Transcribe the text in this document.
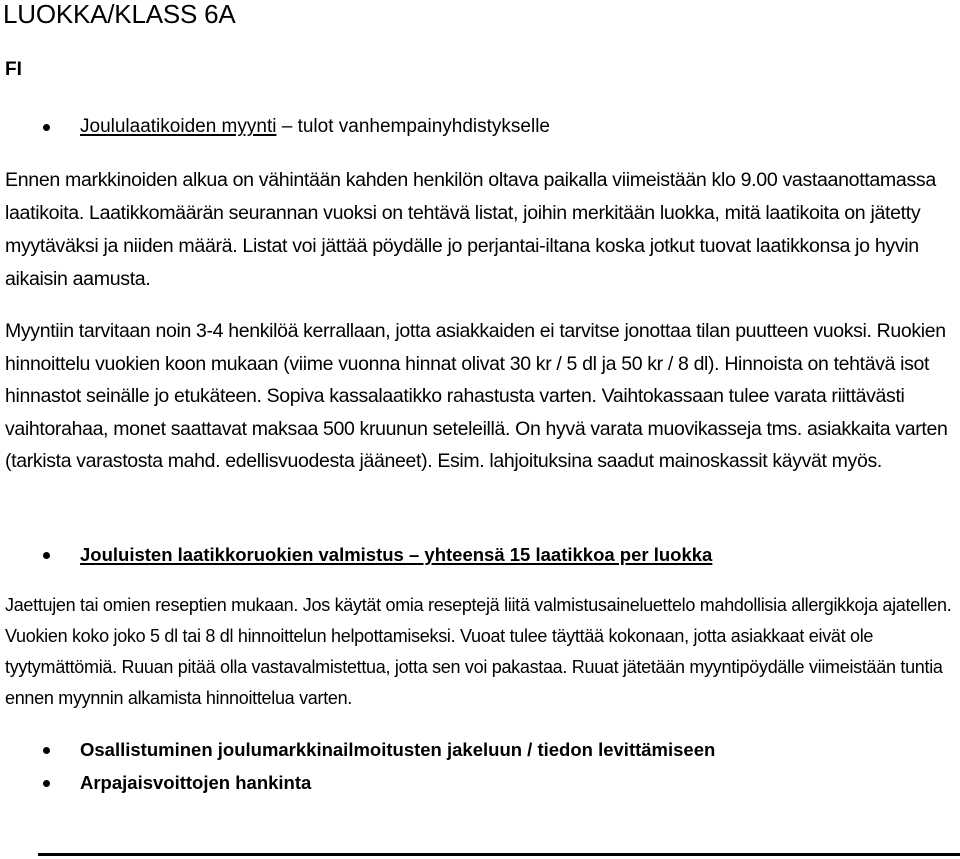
LUOKKA/KLASS 6A
FI
Joululaatikoiden myynti – tulot vanhempainyhdistykselle

Ennen markkinoiden alkua on vähintään kahden henkilön oltava paikalla viimeistään klo 9.00 vastaanottamassa laatikoita. Laatikkomäärän seurannan vuoksi on tehtävä listat, joihin merkitään luokka, mitä laatikoita on jätetty myytäväksi ja niiden määrä. Listat voi jättää pöydälle jo perjantai-iltana koska jotkut tuovat laatikkonsa jo hyvin aikaisin aamusta.

Myyntiin tarvitaan noin 3-4 henkilöä kerrallaan, jotta asiakkaiden ei tarvitse jonottaa tilan puutteen vuoksi. Ruokien hinnoittelu vuokien koon mukaan (viime vuonna hinnat olivat 30 kr / 5 dl ja 50 kr / 8 dl). Hinnoista on tehtävä isot hinnastot seinälle jo etukäteen. Sopiva kassalaatikko rahastusta varten. Vaihtokassaan tulee varata riittävästi vaihtorahaa, monet saattavat maksaa 500 kruunun seteleillä. On hyvä varata muovikasseja tms. asiakkaita varten (tarkista varastosta mahd. edellisvuodesta jääneet). Esim. lahjoituksina saadut mainoskassit käyvät myös.

Jouluisten laatikkoruokien valmistus – yhteensä 15 laatikkoa per luokka

Jaettujen tai omien reseptien mukaan. Jos käytät omia reseptejä liitä valmistusaineluettelo mahdollisia allergikkoja ajatellen. Vuokien koko joko 5 dl tai 8 dl hinnoittelun helpottamiseksi. Vuoat tulee täyttää kokonaan, jotta asiakkaat eivät ole tyytymättömiä. Ruuan pitää olla vastavalmistettua, jotta sen voi pakastaa. Ruuat jätetään myyntipöydälle viimeistään tuntia ennen myynnin alkamista hinnoittelua varten.

Osallistuminen joulumarkkinailmoitusten jakeluun / tiedon levittämiseen
Arpajaisvoittojen hankinta
